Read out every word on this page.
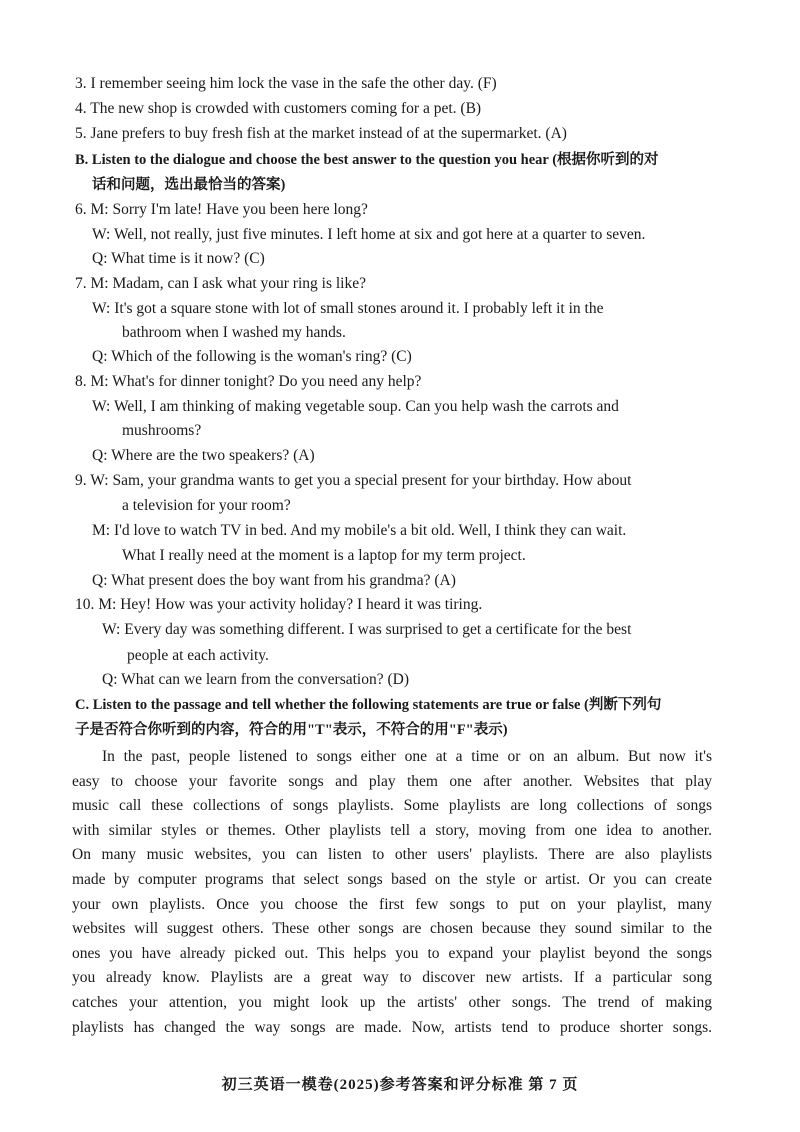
3. I remember seeing him lock the vase in the safe the other day. (F)
4. The new shop is crowded with customers coming for a pet. (B)
5. Jane prefers to buy fresh fish at the market instead of at the supermarket. (A)
B. Listen to the dialogue and choose the best answer to the question you hear (根据你听到的对
话和问题，选出最恰当的答案)
6. M: Sorry I'm late! Have you been here long?
W: Well, not really, just five minutes. I left home at six and got here at a quarter to seven.
Q: What time is it now? (C)
7. M: Madam, can I ask what your ring is like?
W: It's got a square stone with lot of small stones around it. I probably left it in the
bathroom when I washed my hands.
Q: Which of the following is the woman's ring? (C)
8. M: What's for dinner tonight? Do you need any help?
W: Well, I am thinking of making vegetable soup. Can you help wash the carrots and
mushrooms?
Q: Where are the two speakers? (A)
9. W: Sam, your grandma wants to get you a special present for your birthday. How about
a television for your room?
M: I'd love to watch TV in bed. And my mobile's a bit old. Well, I think they can wait.
What I really need at the moment is a laptop for my term project.
Q: What present does the boy want from his grandma? (A)
10. M: Hey! How was your activity holiday? I heard it was tiring.
W: Every day was something different. I was surprised to get a certificate for the best
people at each activity.
Q: What can we learn from the conversation? (D)
C. Listen to the passage and tell whether the following statements are true or false (判断下列句
子是否符合你听到的内容，符合的用"T"表示，不符合的用"F"表示)
In the past, people listened to songs either one at a time or on an album. But now it's
easy to choose your favorite songs and play them one after another. Websites that play
music call these collections of songs playlists. Some playlists are long collections of songs
with similar styles or themes. Other playlists tell a story, moving from one idea to another.
On many music websites, you can listen to other users' playlists. There are also playlists
made by computer programs that select songs based on the style or artist. Or you can create
your own playlists. Once you choose the first few songs to put on your playlist, many
websites will suggest others. These other songs are chosen because they sound similar to the
ones you have already picked out. This helps you to expand your playlist beyond the songs
you already know. Playlists are a great way to discover new artists. If a particular song
catches your attention, you might look up the artists' other songs. The trend of making
playlists has changed the way songs are made. Now, artists tend to produce shorter songs.
初三英语一模卷(2025)参考答案和评分标准 第 7 页
